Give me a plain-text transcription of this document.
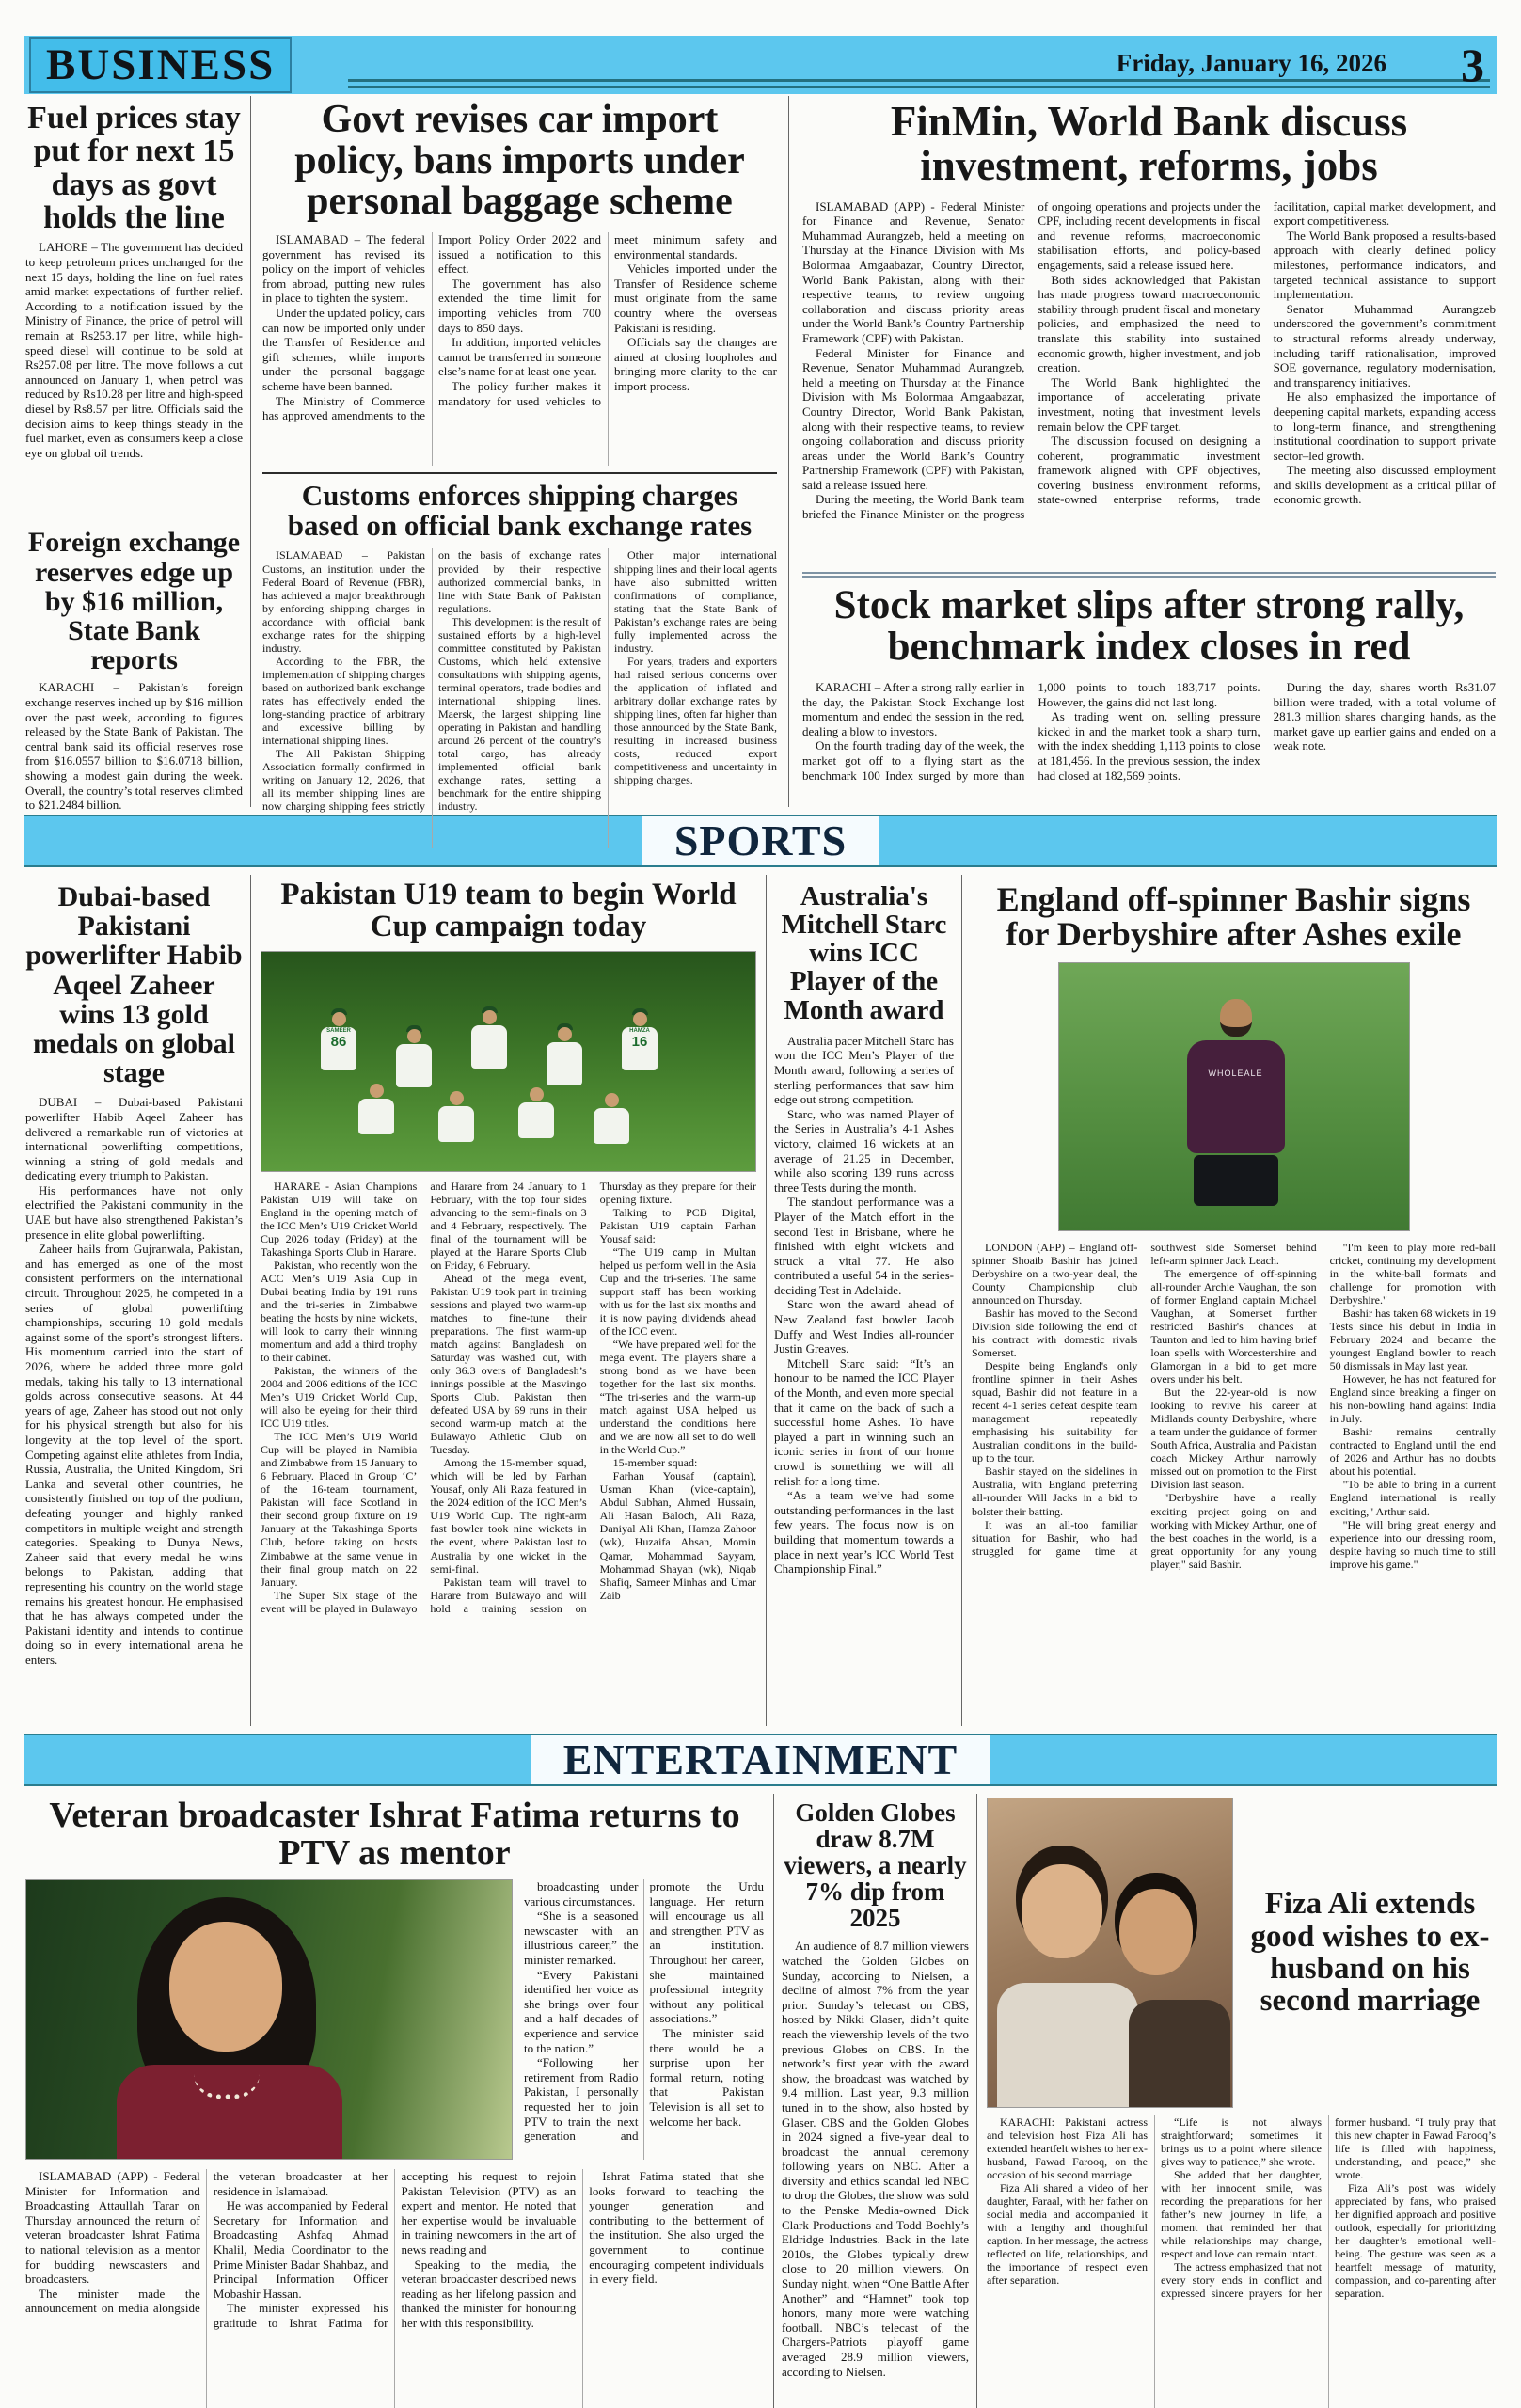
BUSINESS	Friday, January 16, 2026 3
Fuel prices stay put for next 15 days as govt holds the line

LAHORE – The government has decided to keep petroleum prices unchanged for the next 15 days, holding the line on fuel rates amid market expectations of further relief. According to a notification issued by the Ministry of Finance, the price of petrol will remain at Rs253.17 per litre, while high-speed diesel will continue to be sold at Rs257.08 per litre. The move follows a cut announced on January 1, when petrol was reduced by Rs10.28 per litre and high-speed diesel by Rs8.57 per litre. Officials said the decision aims to keep things steady in the fuel market, even as consumers keep a close eye on global oil trends.

Foreign exchange reserves edge up by $16 million, State Bank reports

KARACHI – Pakistan’s foreign exchange reserves inched up by $16 million over the past week, according to figures released by the State Bank of Pakistan. The central bank said its official reserves rose from $16.0557 billion to $16.0718 billion, showing a modest gain during the week. Overall, the country’s total reserves climbed to $21.2484 billion.

Govt revises car import policy, bans imports under personal baggage scheme

ISLAMABAD – The federal government has revised its policy on the import of vehicles from abroad, putting new rules in place to tighten the system.

Under the updated policy, cars can now be imported only under the Transfer of Residence and gift schemes, while imports under the personal baggage scheme have been banned.

The Ministry of Commerce has approved amendments to the Import Policy Order 2022 and issued a notification to this effect.

The government has also extended the time limit for importing vehicles from 700 days to 850 days.

In addition, imported vehicles cannot be transferred in someone else’s name for at least one year.

The policy further makes it mandatory for used vehicles to meet minimum safety and environmental standards.

Vehicles imported under the Transfer of Residence scheme must originate from the same country where the overseas Pakistani is residing.

Officials say the changes are aimed at closing loopholes and bringing more clarity to the car import process.

Customs enforces shipping charges based on official bank exchange rates

ISLAMABAD – Pakistan Customs, an institution under the Federal Board of Revenue (FBR), has achieved a major breakthrough by enforcing shipping charges in accordance with official bank exchange rates for the shipping industry.

According to the FBR, the implementation of shipping charges based on authorized bank exchange rates has effectively ended the long-standing practice of arbitrary and excessive billing by international shipping lines.

The All Pakistan Shipping Association formally confirmed in writing on January 12, 2026, that all its member shipping lines are now charging shipping fees strictly on the basis of exchange rates provided by their respective authorized commercial banks, in line with State Bank of Pakistan regulations.

This development is the result of sustained efforts by a high-level committee constituted by Pakistan Customs, which held extensive consultations with shipping agents, terminal operators, trade bodies and international shipping lines. Maersk, the largest shipping line operating in Pakistan and handling around 26 percent of the country’s total cargo, has already implemented official bank exchange rates, setting a benchmark for the entire shipping industry.

Other major international shipping lines and their local agents have also submitted written confirmations of compliance, stating that the State Bank of Pakistan’s exchange rates are being fully implemented across the industry.

For years, traders and exporters had raised serious concerns over the application of inflated and arbitrary dollar exchange rates by shipping lines, often far higher than those announced by the State Bank, resulting in increased business costs, reduced export competitiveness and uncertainty in shipping charges.

FinMin, World Bank discuss investment, reforms, jobs

ISLAMABAD (APP) - Federal Minister for Finance and Revenue, Senator Muhammad Aurangzeb, held a meeting on Thursday at the Finance Division with Ms Bolormaa Amgaabazar, Country Director, World Bank Pakistan, along with their respective teams, to review ongoing collaboration and discuss priority areas under the World Bank’s Country Partnership Framework (CPF) with Pakistan.

Federal Minister for Finance and Revenue, Senator Muhammad Aurangzeb, held a meeting on Thursday at the Finance Division with Ms Bolormaa Amgaabazar, Country Director, World Bank Pakistan, along with their respective teams, to review ongoing collaboration and discuss priority areas under the World Bank’s Country Partnership Framework (CPF) with Pakistan, said a release issued here.

During the meeting, the World Bank team briefed the Finance Minister on the progress of ongoing operations and projects under the CPF, including recent developments in fiscal and revenue reforms, macroeconomic stabilisation efforts, and policy-based engagements, said a release issued here.

Both sides acknowledged that Pakistan has made progress toward macroeconomic stability through prudent fiscal and monetary policies, and emphasized the need to translate this stability into sustained economic growth, higher investment, and job creation.

The World Bank highlighted the importance of accelerating private investment, noting that investment levels remain below the CPF target.

The discussion focused on designing a coherent, programmatic investment framework aligned with CPF objectives, covering business environment reforms, state-owned enterprise reforms, trade facilitation, capital market development, and export competitiveness.

The World Bank proposed a results-based approach with clearly defined policy milestones, performance indicators, and targeted technical assistance to support implementation.

Senator Muhammad Aurangzeb underscored the government’s commitment to structural reforms already underway, including tariff rationalisation, improved SOE governance, regulatory modernisation, and transparency initiatives.

He also emphasized the importance of deepening capital markets, expanding access to long-term finance, and strengthening institutional coordination to support private sector–led growth.

The meeting also discussed employment and skills development as a critical pillar of economic growth.

Stock market slips after strong rally, benchmark index closes in red

KARACHI – After a strong rally earlier in the day, the Pakistan Stock Exchange lost momentum and ended the session in the red, dealing a blow to investors.

On the fourth trading day of the week, the market got off to a flying start as the benchmark 100 Index surged by more than 1,000 points to touch 183,717 points. However, the gains did not last long.

As trading went on, selling pressure kicked in and the market took a sharp turn, with the index shedding 1,113 points to close at 181,456. In the previous session, the index had closed at 182,569 points.

During the day, shares worth Rs31.07 billion were traded, with a total volume of 281.3 million shares changing hands, as the market gave up earlier gains and ended on a weak note.

SPORTS
Dubai-based Pakistani powerlifter Habib Aqeel Zaheer wins 13 gold medals on global stage

DUBAI – Dubai-based Pakistani powerlifter Habib Aqeel Zaheer has delivered a remarkable run of victories at international powerlifting competitions, winning a string of gold medals and dedicating every triumph to Pakistan.

His performances have not only electrified the Pakistani community in the UAE but have also strengthened Pakistan’s presence in elite global powerlifting.

Zaheer hails from Gujranwala, Pakistan, and has emerged as one of the most consistent performers on the international circuit. Throughout 2025, he competed in a series of global powerlifting championships, securing 10 gold medals against some of the sport’s strongest lifters. His momentum carried into the start of 2026, where he added three more gold medals, taking his tally to 13 international golds across consecutive seasons. At 44 years of age, Zaheer has stood out not only for his physical strength but also for his longevity at the top level of the sport. Competing against elite athletes from India, Russia, Australia, the United Kingdom, Sri Lanka and several other countries, he consistently finished on top of the podium, defeating younger and highly ranked competitors in multiple weight and strength categories. Speaking to Dunya News, Zaheer said that every medal he wins belongs to Pakistan, adding that representing his country on the world stage remains his greatest honour. He emphasised that he has always competed under the Pakistani identity and intends to continue doing so in every international arena he enters.

Pakistan U19 team to begin World Cup campaign today
SAMEER
86
HAMZA
16

HARARE - Asian Champions Pakistan U19 will take on England in the opening match of the ICC Men’s U19 Cricket World Cup 2026 today (Friday) at the Takashinga Sports Club in Harare.

Pakistan, who recently won the ACC Men’s U19 Asia Cup in Dubai beating India by 191 runs and the tri-series in Zimbabwe beating the hosts by nine wickets, will look to carry their winning momentum and add a third trophy to their cabinet.

Pakistan, the winners of the 2004 and 2006 editions of the ICC Men’s U19 Cricket World Cup, will also be eyeing for their third ICC U19 titles.

The ICC Men’s U19 World Cup will be played in Namibia and Zimbabwe from 15 January to 6 February. Placed in Group ‘C’ of the 16-team tournament, Pakistan will face Scotland in their second group fixture on 19 January at the Takashinga Sports Club, before taking on hosts Zimbabwe at the same venue in their final group match on 22 January.

The Super Six stage of the event will be played in Bulawayo and Harare from 24 January to 1 February, with the top four sides advancing to the semi-finals on 3 and 4 February, respectively. The final of the tournament will be played at the Harare Sports Club on Friday, 6 February.

Ahead of the mega event, Pakistan U19 took part in training sessions and played two warm-up matches to fine-tune their preparations. The first warm-up match against Bangladesh on Saturday was washed out, with only 36.3 overs of Bangladesh’s innings possible at the Masvingo Sports Club. Pakistan then defeated USA by 69 runs in their second warm-up match at the Bulawayo Athletic Club on Tuesday.

Among the 15-member squad, which will be led by Farhan Yousaf, only Ali Raza featured in the 2024 edition of the ICC Men’s U19 World Cup. The right-arm fast bowler took nine wickets in the event, where Pakistan lost to Australia by one wicket in the semi-final.

Pakistan team will travel to Harare from Bulawayo and will hold a training session on Thursday as they prepare for their opening fixture.

Talking to PCB Digital, Pakistan U19 captain Farhan Yousaf said:

“The U19 camp in Multan helped us perform well in the Asia Cup and the tri-series. The same support staff has been working with us for the last six months and it is now paying dividends ahead of the ICC event.

“We have prepared well for the mega event. The players share a strong bond as we have been together for the last six months. “The tri-series and the warm-up match against USA helped us understand the conditions here and we are now all set to do well in the World Cup.”

15-member squad:

Farhan Yousaf (captain), Usman Khan (vice-captain), Abdul Subhan, Ahmed Hussain, Ali Hasan Baloch, Ali Raza, Daniyal Ali Khan, Hamza Zahoor (wk), Huzaifa Ahsan, Momin Qamar, Mohammad Sayyam, Mohammad Shayan (wk), Niqab Shafiq, Sameer Minhas and Umar Zaib

Australia's Mitchell Starc wins ICC Player of the Month award

Australia pacer Mitchell Starc has won the ICC Men’s Player of the Month award, following a series of sterling performances that saw him edge out strong competition.

Starc, who was named Player of the Series in Australia’s 4-1 Ashes victory, claimed 16 wickets at an average of 21.25 in December, while also scoring 139 runs across three Tests during the month.

The standout performance was a Player of the Match effort in the second Test in Brisbane, where he finished with eight wickets and struck a vital 77. He also contributed a useful 54 in the series-deciding Test in Adelaide.

Starc won the award ahead of New Zealand fast bowler Jacob Duffy and West Indies all-rounder Justin Greaves.

Mitchell Starc said: “It’s an honour to be named the ICC Player of the Month, and even more special that it came on the back of such a successful home Ashes. To have played a part in winning such an iconic series in front of our home crowd is something we will all relish for a long time.

“As a team we’ve had some outstanding performances in the last few years. The focus now is on building that momentum towards a place in next year’s ICC World Test Championship Final.”

England off-spinner Bashir signs for Derbyshire after Ashes exile
WHOLEALE

LONDON (AFP) – England off-spinner Shoaib Bashir has joined Derbyshire on a two-year deal, the County Championship club announced on Thursday.

Bashir has moved to the Second Division side following the end of his contract with domestic rivals Somerset.

Despite being England's only frontline spinner in their Ashes squad, Bashir did not feature in a recent 4-1 series defeat despite team management repeatedly emphasising his suitability for Australian conditions in the build-up to the tour.

Bashir stayed on the sidelines in Australia, with England preferring all-rounder Will Jacks in a bid to bolster their batting.

It was an all-too familiar situation for Bashir, who had struggled for game time at southwest side Somerset behind left-arm spinner Jack Leach.

The emergence of off-spinning all-rounder Archie Vaughan, the son of former England captain Michael Vaughan, at Somerset further restricted Bashir's chances at Taunton and led to him having brief loan spells with Worcestershire and Glamorgan in a bid to get more overs under his belt.

But the 22-year-old is now looking to revive his career at Midlands county Derbyshire, where a team under the guidance of former South Africa, Australia and Pakistan coach Mickey Arthur narrowly missed out on promotion to the First Division last season.

"Derbyshire have a really exciting project going on and working with Mickey Arthur, one of the best coaches in the world, is a great opportunity for any young player," said Bashir.

"I'm keen to play more red-ball cricket, continuing my development in the white-ball formats and challenge for promotion with Derbyshire."

Bashir has taken 68 wickets in 19 Tests since his debut in India in February 2024 and became the youngest England bowler to reach 50 dismissals in May last year.

However, he has not featured for England since breaking a finger on his non-bowling hand against India in July.

Bashir remains centrally contracted to England until the end of 2026 and Arthur has no doubts about his potential.

"To be able to bring in a current England international is really exciting," Arthur said.

"He will bring great energy and experience into our dressing room, despite having so much time to still improve his game."

ENTERTAINMENT
Veteran broadcaster Ishrat Fatima returns to PTV as mentor

broadcasting under various circumstances.

“She is a seasoned newscaster with an illustrious career,” the minister remarked.

“Every Pakistani identified her voice as she brings over four and a half decades of experience and service to the nation.”

“Following her retirement from Radio Pakistan, I personally requested her to join PTV to train the next generation and promote the Urdu language. Her return will encourage us all and strengthen PTV as an institution. Throughout her career, she maintained professional integrity without any political associations.”

The minister said there would be a surprise upon her formal return, noting that Pakistan Television is all set to welcome her back.

ISLAMABAD (APP) - Federal Minister for Information and Broadcasting Attaullah Tarar on Thursday announced the return of veteran broadcaster Ishrat Fatima to national television as a mentor for budding newscasters and broadcasters.

The minister made the announcement on media alongside the veteran broadcaster at her residence in Islamabad.

He was accompanied by Federal Secretary for Information and Broadcasting Ashfaq Ahmad Khalil, Media Coordinator to the Prime Minister Badar Shahbaz, and Principal Information Officer Mobashir Hassan.

The minister expressed his gratitude to Ishrat Fatima for accepting his request to rejoin Pakistan Television (PTV) as an expert and mentor. He noted that her expertise would be invaluable in training newcomers in the art of news reading and

Speaking to the media, the veteran broadcaster described news reading as her lifelong passion and thanked the minister for honouring her with this responsibility.

Ishrat Fatima stated that she looks forward to teaching the younger generation and contributing to the betterment of the institution. She also urged the government to continue encouraging competent individuals in every field.

Golden Globes draw 8.7M viewers, a nearly 7% dip from 2025

An audience of 8.7 million viewers watched the Golden Globes on Sunday, according to Nielsen, a decline of almost 7% from the year prior. Sunday’s telecast on CBS, hosted by Nikki Glaser, didn’t quite reach the viewership levels of the two previous Globes on CBS. In the network’s first year with the award show, the broadcast was watched by 9.4 million. Last year, 9.3 million tuned in to the show, also hosted by Glaser. CBS and the Golden Globes in 2024 signed a five-year deal to broadcast the annual ceremony following years on NBC. After a diversity and ethics scandal led NBC to drop the Globes, the show was sold to the Penske Media-owned Dick Clark Productions and Todd Boehly’s Eldridge Industries. Back in the late 2010s, the Globes typically drew close to 20 million viewers. On Sunday night, when “One Battle After Another” and “Hamnet” took top honors, many more were watching football. NBC’s telecast of the Chargers-Patriots playoff game averaged 28.9 million viewers, according to Nielsen.

Fiza Ali extends good wishes to ex-husband on his second marriage

KARACHI: Pakistani actress and television host Fiza Ali has extended heartfelt wishes to her ex-husband, Fawad Farooq, on the occasion of his second marriage.

Fiza Ali shared a video of her daughter, Faraal, with her father on social media and accompanied it with a lengthy and thoughtful caption. In her message, the actress reflected on life, relationships, and the importance of respect even after separation.

“Life is not always straightforward; sometimes it brings us to a point where silence gives way to patience,” she wrote.

She added that her daughter, with her innocent smile, was recording the preparations for her father’s new journey in life, a moment that reminded her that while relationships may change, respect and love can remain intact.

The actress emphasized that not every story ends in conflict and expressed sincere prayers for her former husband. “I truly pray that this new chapter in Fawad Farooq’s life is filled with happiness, understanding, and peace,” she wrote.

Fiza Ali’s post was widely appreciated by fans, who praised her dignified approach and positive outlook, especially for prioritizing her daughter’s emotional well-being. The gesture was seen as a heartfelt message of maturity, compassion, and co-parenting after separation.
